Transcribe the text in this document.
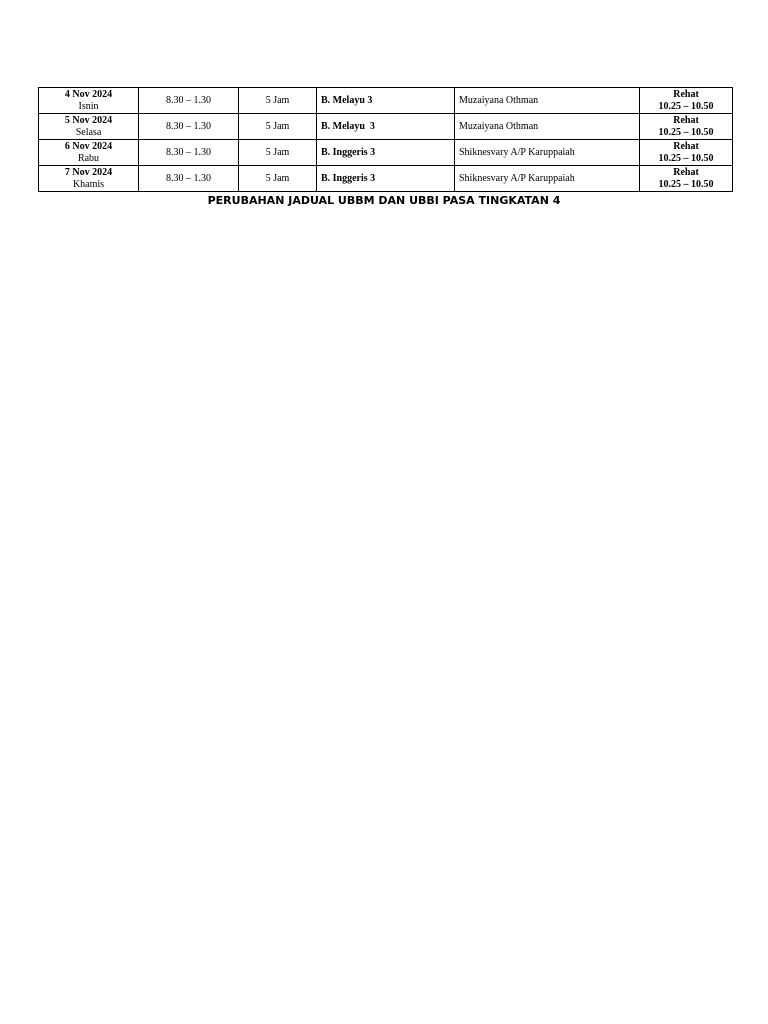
4 Nov 2024
Isnin	8.30 – 1.30	5 Jam	B. Melayu 3	Muzaiyana Othman	Rehat
10.25 – 10.50

5 Nov 2024
Selasa	8.30 – 1.30	5 Jam	B. Melayu  3	Muzaiyana Othman	Rehat
10.25 – 10.50

6 Nov 2024
Rabu	8.30 – 1.30	5 Jam	B. Inggeris 3	Shiknesvary A/P Karuppaiah	Rehat
10.25 – 10.50

7 Nov 2024
Khamis	8.30 – 1.30	5 Jam	B. Inggeris 3	Shiknesvary A/P Karuppaiah	Rehat
10.25 – 10.50
PERUBAHAN JADUAL UBBM DAN UBBI PASA TINGKATAN 4
